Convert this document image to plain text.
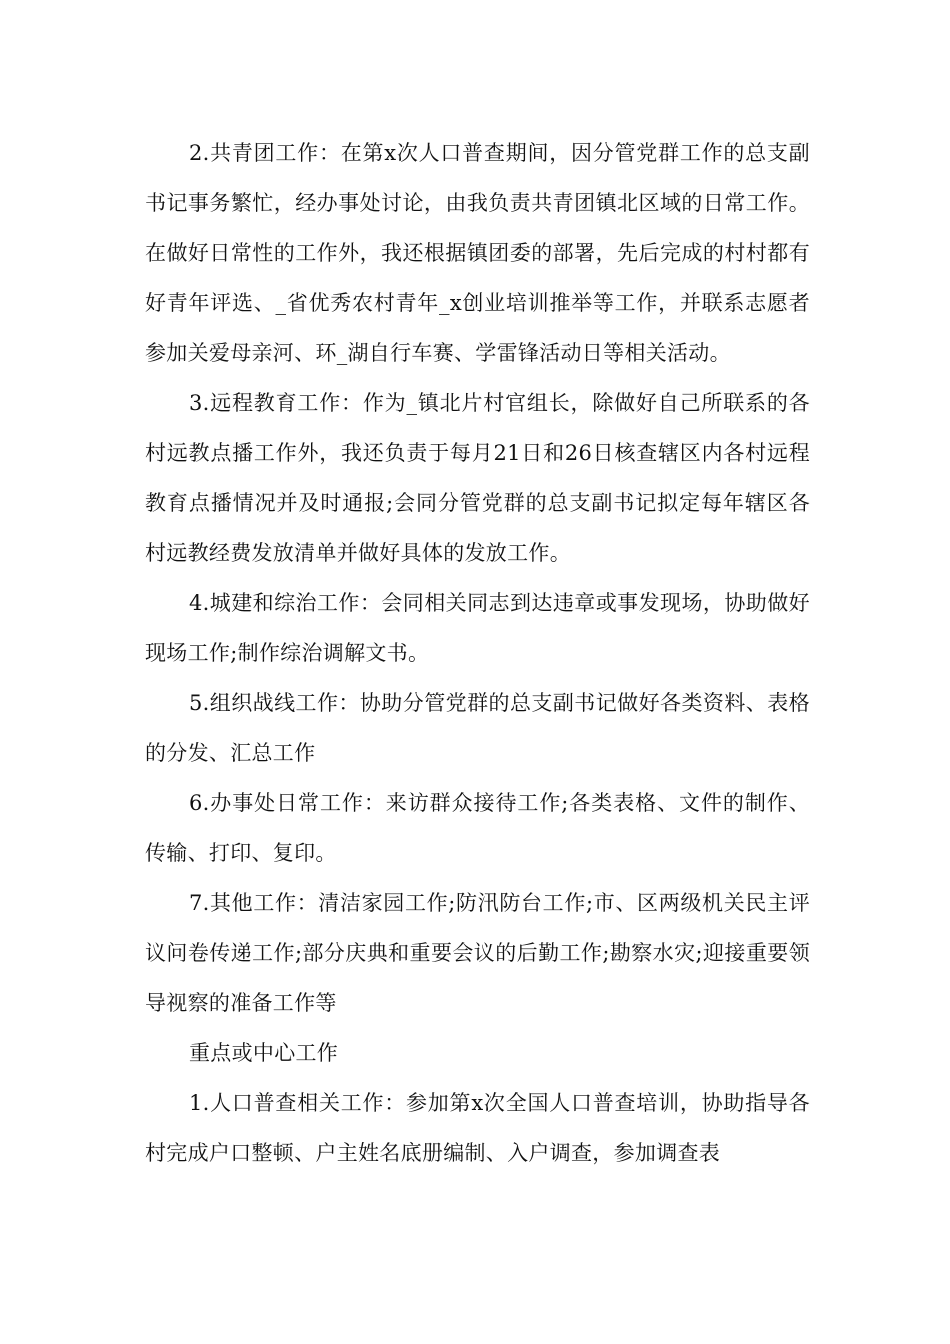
2.共青团工作：在第x次人口普查期间，因分管党群工作的总支副书记事务繁忙，经办事处讨论，由我负责共青团镇北区域的日常工作。在做好日常性的工作外，我还根据镇团委的部署，先后完成的村村都有好青年评选、_省优秀农村青年_x创业培训推举等工作，并联系志愿者参加关爱母亲河、环_湖自行车赛、学雷锋活动日等相关活动。

3.远程教育工作：作为_镇北片村官组长，除做好自己所联系的各村远教点播工作外，我还负责于每月21日和26日核查辖区内各村远程教育点播情况并及时通报;会同分管党群的总支副书记拟定每年辖区各村远教经费发放清单并做好具体的发放工作。

4.城建和综治工作：会同相关同志到达违章或事发现场，协助做好现场工作;制作综治调解文书。

5.组织战线工作：协助分管党群的总支副书记做好各类资料、表格的分发、汇总工作

6.办事处日常工作：来访群众接待工作;各类表格、文件的制作、传输、打印、复印。

7.其他工作：清洁家园工作;防汛防台工作;市、区两级机关民主评议问卷传递工作;部分庆典和重要会议的后勤工作;勘察水灾;迎接重要领导视察的准备工作等

重点或中心工作

1.人口普查相关工作：参加第x次全国人口普查培训，协助指导各村完成户口整顿、户主姓名底册编制、入户调查，参加调查表
